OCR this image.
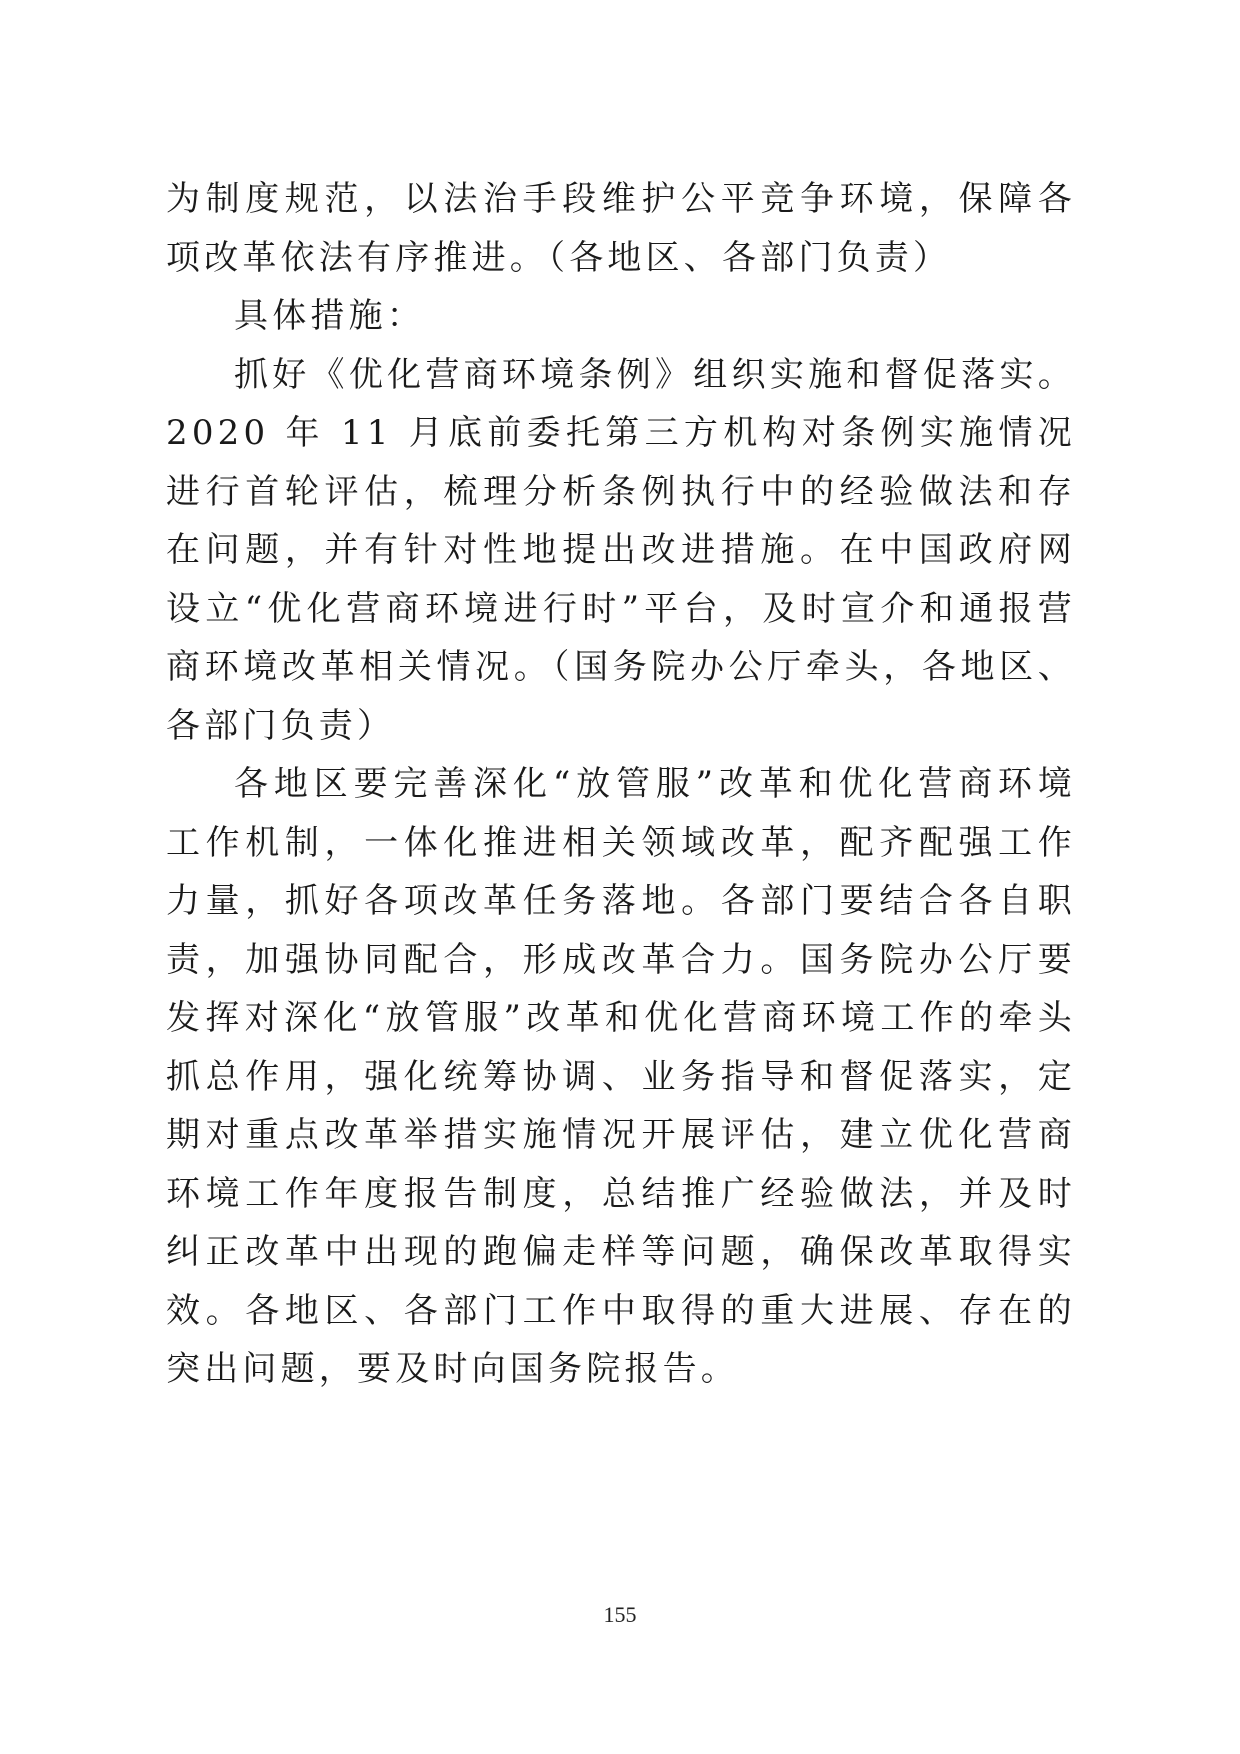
为制度规范，以法治手段维护公平竞争环境，保障各项改革依法有序推进。（各地区、各部门负责）

具体措施：

抓好《优化营商环境条例》组织实施和督促落实。2020 年 11 月底前委托第三方机构对条例实施情况进行首轮评估，梳理分析条例执行中的经验做法和存在问题，并有针对性地提出改进措施。在中国政府网设立“优化营商环境进行时”平台，及时宣介和通报营商环境改革相关情况。（国务院办公厅牵头，各地区、各部门负责）

各地区要完善深化“放管服”改革和优化营商环境工作机制，一体化推进相关领域改革，配齐配强工作力量，抓好各项改革任务落地。各部门要结合各自职责，加强协同配合，形成改革合力。国务院办公厅要发挥对深化“放管服”改革和优化营商环境工作的牵头抓总作用，强化统筹协调、业务指导和督促落实，定期对重点改革举措实施情况开展评估，建立优化营商环境工作年度报告制度，总结推广经验做法，并及时纠正改革中出现的跑偏走样等问题，确保改革取得实效。各地区、各部门工作中取得的重大进展、存在的突出问题，要及时向国务院报告。

155
